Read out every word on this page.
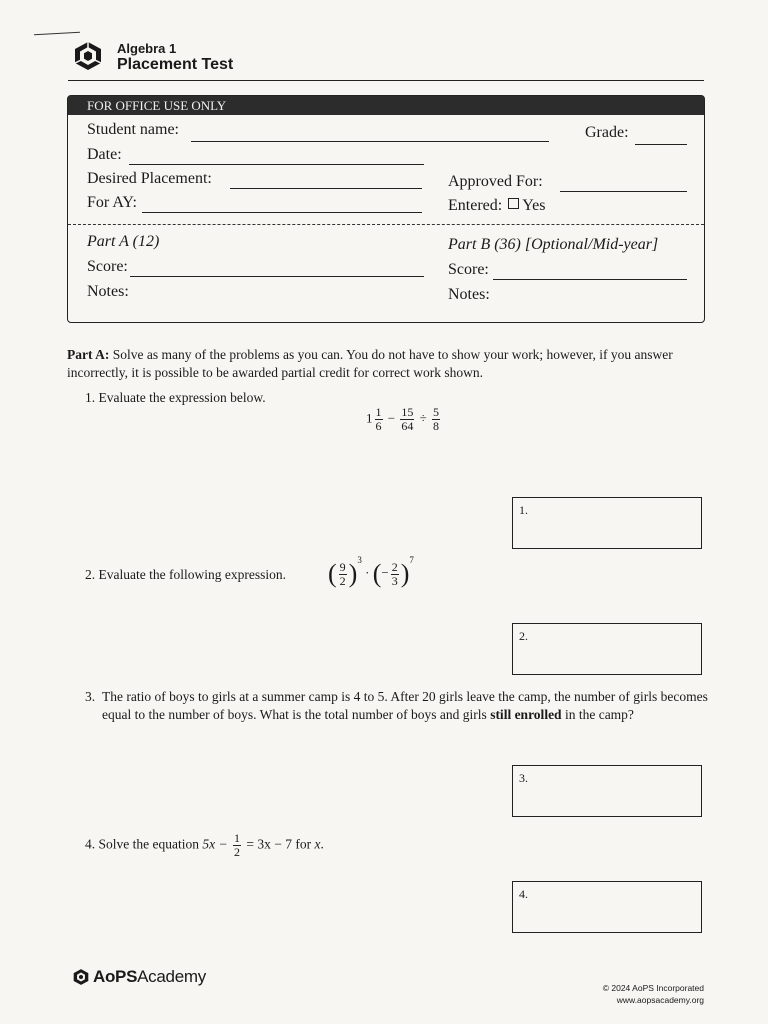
Algebra 1
Placement Test
FOR OFFICE USE ONLY
Student name:	Grade:
Date:
Desired Placement:	Approved For:
For AY:	Entered: Yes
Part A (12)	Part B (36) [Optional/Mid-year]
Score:	Score:
Notes:	Notes:
Part A: Solve as many of the problems as you can. You do not have to show your work; however, if you answer incorrectly, it is possible to be awarded partial credit for correct work shown.
1. Evaluate the expression below.
$1 \frac{1}{6} - \frac{15}{64} \div \frac{5}{8}$
1.
2. Evaluate the following expression. ( $\frac{9}{2} )^3$ · (− $\frac{2}{3} )^7$
2.
3. The ratio of boys to girls at a summer camp is 4 to 5. After 20 girls leave the camp, the number of girls becomes equal to the number of boys. What is the total number of boys and girls still enrolled in the camp?
3.
4. Solve the equation $5x - \frac{1}{2} = 3x - 7$ for x.
4.
AoPSAcademy
© 2024 AoPS Incorporated
www.aopsacademy.org
